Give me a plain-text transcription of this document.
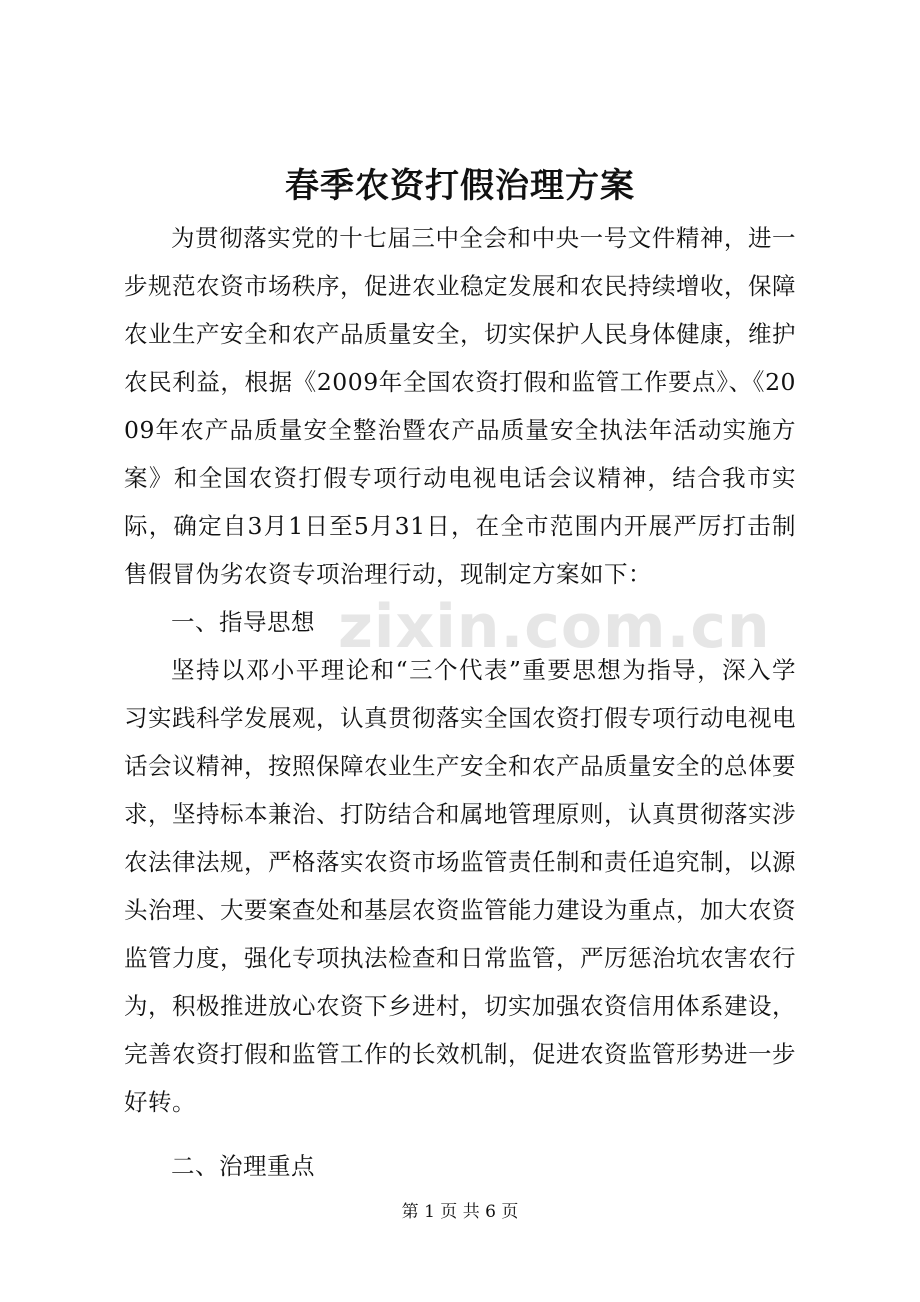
zixin.com.cn
春季农资打假治理方案

为贯彻落实党的十七届三中全会和中央一号文件精神，进一步规范农资市场秩序，促进农业稳定发展和农民持续增收，保障农业生产安全和农产品质量安全，切实保护人民身体健康，维护农民利益，根据《2009年全国农资打假和监管工作要点》、《2009年农产品质量安全整治暨农产品质量安全执法年活动实施方案》和全国农资打假专项行动电视电话会议精神，结合我市实际，确定自3月1日至5月31日，在全市范围内开展严厉打击制售假冒伪劣农资专项治理行动，现制定方案如下：

一、指导思想

坚持以邓小平理论和“三个代表”重要思想为指导，深入学习实践科学发展观，认真贯彻落实全国农资打假专项行动电视电话会议精神，按照保障农业生产安全和农产品质量安全的总体要求，坚持标本兼治、打防结合和属地管理原则，认真贯彻落实涉农法律法规，严格落实农资市场监管责任制和责任追究制，以源头治理、大要案查处和基层农资监管能力建设为重点，加大农资监管力度，强化专项执法检查和日常监管，严厉惩治坑农害农行为，积极推进放心农资下乡进村，切实加强农资信用体系建设，完善农资打假和监管工作的长效机制，促进农资监管形势进一步好转。

二、治理重点

第 1 页 共 6 页
